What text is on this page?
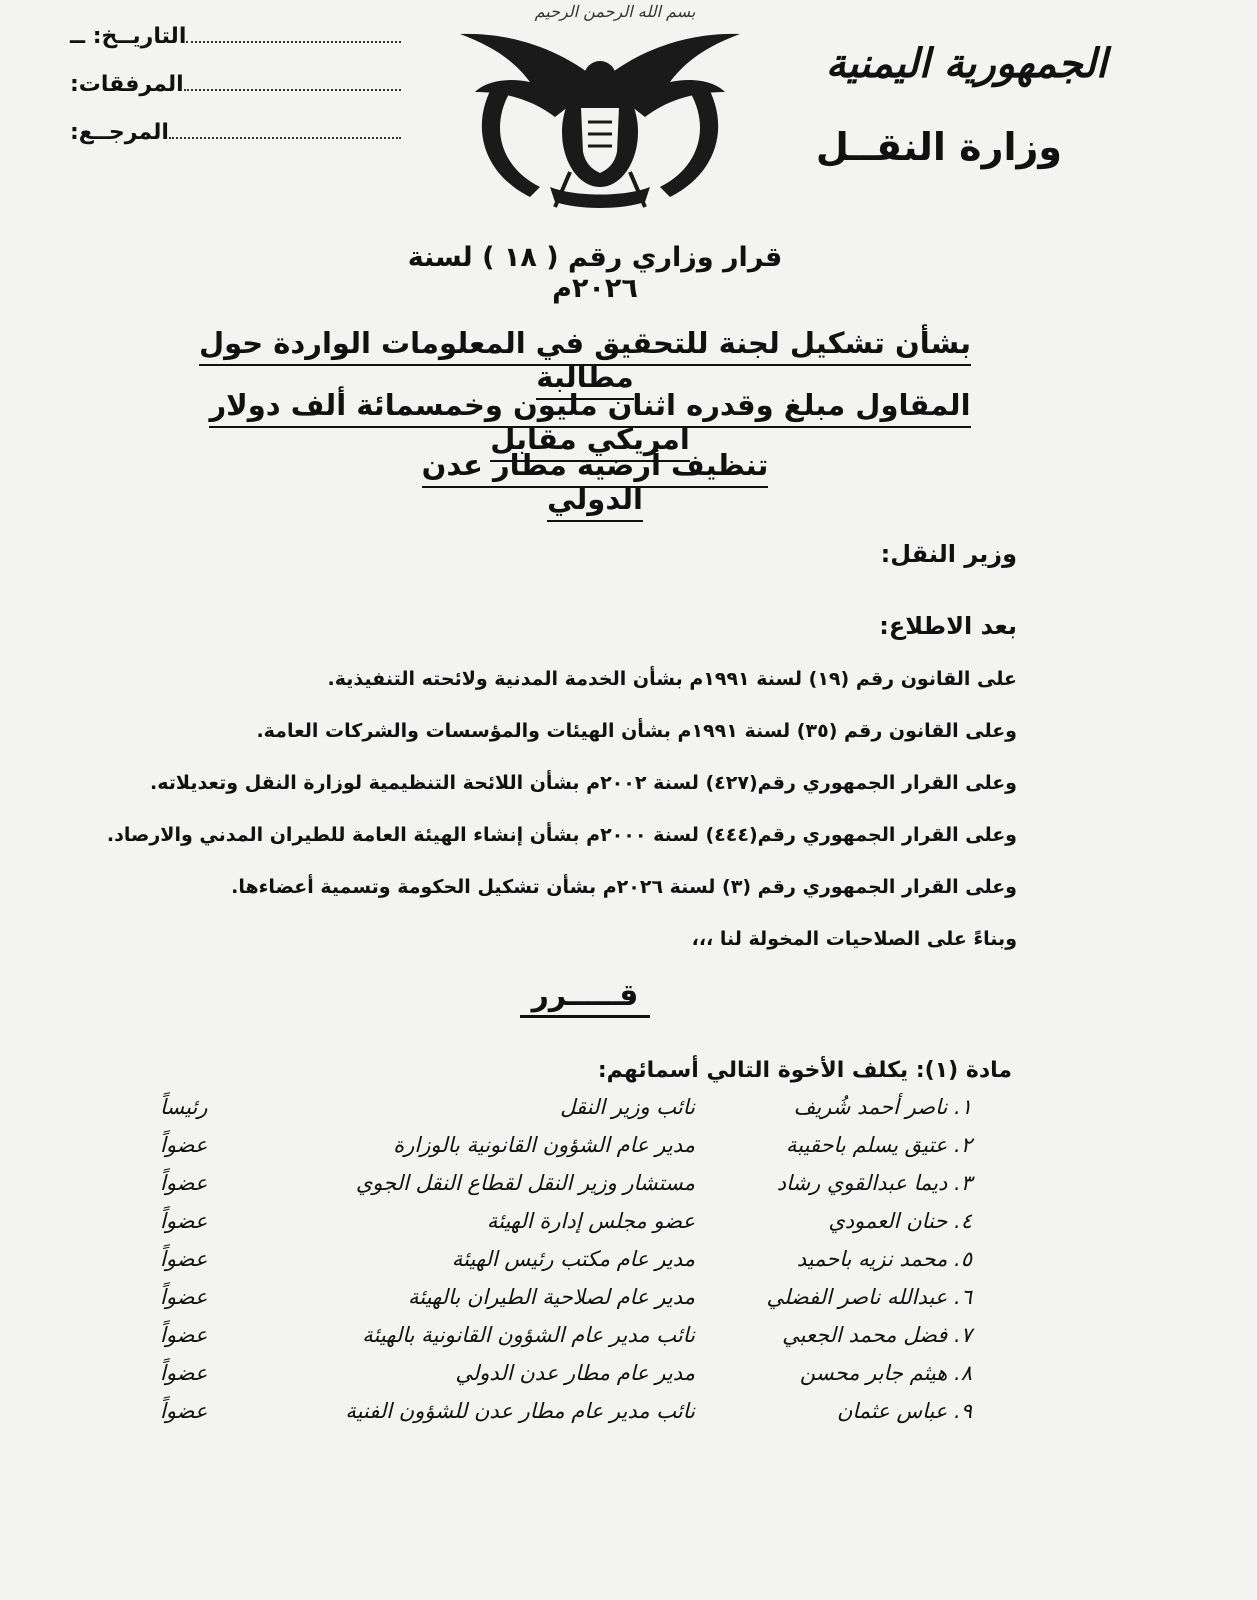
الجمهورية اليمنية
وزارة النقــل
بسم الله الرحمن الرحيم
التاريــخ: ــ
المرفقات:
المرجــع:
قرار وزاري رقم ( ١٨ ) لسنة ٢٠٢٦م
بشأن تشكيل لجنة للتحقيق في المعلومات الواردة حول مطالبة
المقاول مبلغ وقدره اثنان مليون وخمسمائة ألف دولار امريكي مقابل
تنظيف أرضية مطار عدن الدولي
وزير النقل:
بعد الاطلاع:
على القانون رقم (١٩) لسنة ١٩٩١م بشأن الخدمة المدنية ولائحته التنفيذية.
وعلى القانون رقم (٣٥) لسنة ١٩٩١م بشأن الهيئات والمؤسسات والشركات العامة.
وعلى القرار الجمهوري رقم(٤٢٧) لسنة ٢٠٠٢م بشأن اللائحة التنظيمية لوزارة النقل وتعديلاته.
وعلى القرار الجمهوري رقم(٤٤٤) لسنة ٢٠٠٠م بشأن إنشاء الهيئة العامة للطيران المدني والارصاد.
وعلى القرار الجمهوري رقم (٣) لسنة ٢٠٢٦م بشأن تشكيل الحكومة وتسمية أعضاءها.
وبناءً على الصلاحيات المخولة لنا ،،،
قـــــرر
مادة (١): يكلف الأخوة التالي أسمائهم:
١. ناصر أحمد شُريف
نائب وزير النقل
رئيساً
٢. عتيق يسلم باحقيبة
مدير عام الشؤون القانونية بالوزارة
عضواً
٣. ديما عبدالقوي رشاد
مستشار وزير النقل لقطاع النقل الجوي
عضواً
٤. حنان العمودي
عضو مجلس إدارة الهيئة
عضواً
٥. محمد نزيه باحميد
مدير عام مكتب رئيس الهيئة
عضواً
٦. عبدالله ناصر الفضلي
مدير عام لصلاحية الطيران بالهيئة
عضواً
٧. فضل محمد الجعبي
نائب مدير عام الشؤون القانونية بالهيئة
عضواً
٨. هيثم جابر محسن
مدير عام مطار عدن الدولي
عضواً
٩. عباس عثمان
نائب مدير عام مطار عدن للشؤون الفنية
عضواً
